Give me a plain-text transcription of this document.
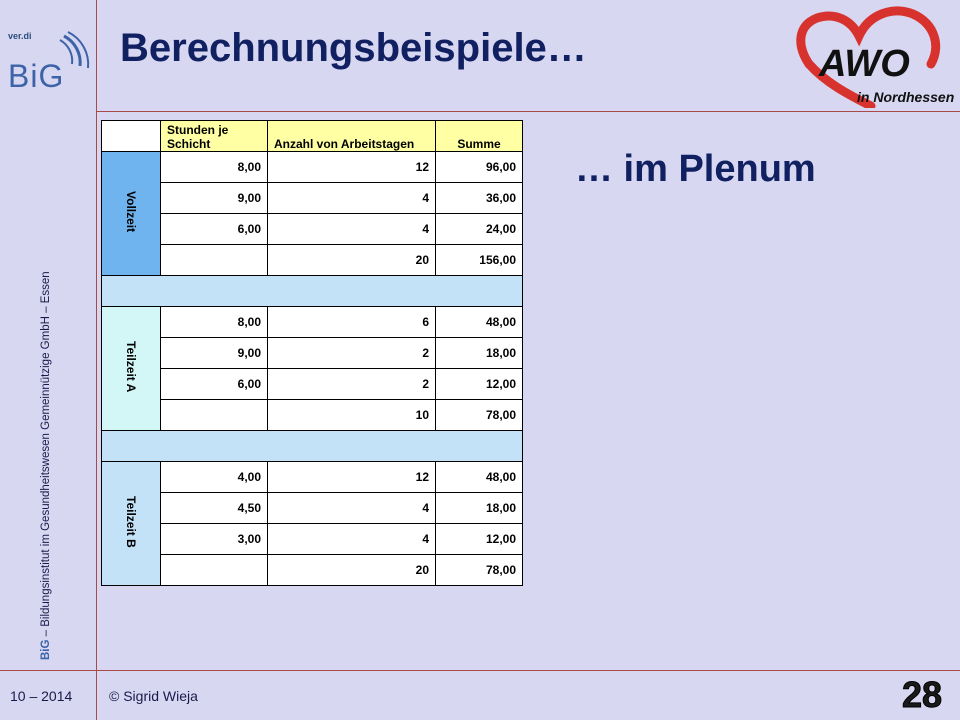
ver.di
BiG
BiG – Bildungsinstitut im Gesundheitswesen Gemeinnützige GmbH – Essen
Berechnungsbeispiele…	AWO
in Nordhessen
… im Plenum
	Stunden je Schicht	Anzahl von Arbeitstagen	Summe
Vollzeit	8,00	12	96,00
	9,00	4	36,00
	6,00	4	24,00
		20	156,00

Teilzeit A	8,00	6	48,00
	9,00	2	18,00
	6,00	2	12,00
		10	78,00

Teilzeit B	4,00	12	48,00
	4,50	4	18,00
	3,00	4	12,00
		20	78,00
10 – 2014	© Sigrid Wieja	28
